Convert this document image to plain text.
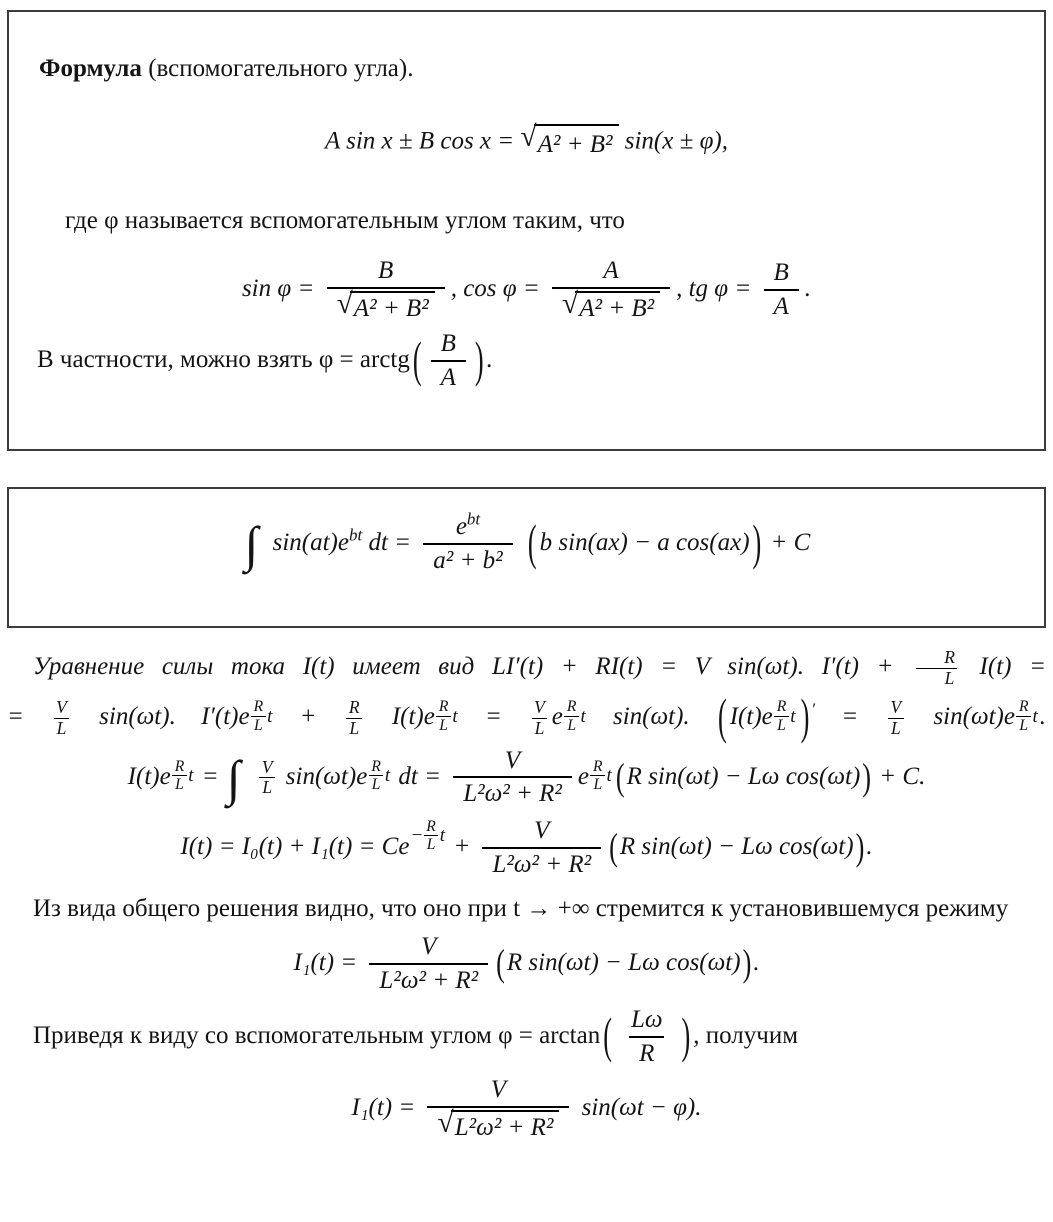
Формула (вспомогательного угла).
A sin x ± B cos x = √ A² + B² sin(x ± φ),
где φ называется вспомогательным углом таким, что
$\sin \varphi = \frac{B}{\text{√ A² + B²}}$ , $\cos \varphi = \frac{A}{\text{√ A² + B²}}$ , tg $\varphi = \frac{B}{A}$ .
В частности, можно взять φ = arctg ( $\frac{B}{A}$ ) .
∫ $\sin(at)e^{bt}$ dt = $\frac{e^{bt}}{\text{a² + b²}}$ ( b sin(ax) − a cos(ax) ) + C
Уравнение силы тока I(t) имеет вид LI′(t) + RI(t) = V sin(ωt). $I'(t) + \frac{R}{L} I(t)$ =
= $\frac{V}{L} \sin(\omega t)$. $I'(t)e \frac{R}{L}$ $t + \frac{R}{L} I(t)e \frac{R}{L}$ $t = \frac{V}{L}$ e $\frac{R}{L}$ t sin(ωt). ( $I(t)e \frac{R}{L}$ t ) $' = \frac{V}{L} \sin(\omega t)e \frac{R}{L}$ t .
$I(t)e \frac{R}{L}$ t = ∫ $\frac{V}{L} \sin(\omega t)e \frac{R}{L}$ t dt = $\frac{V}{\text{L²ω² + R²}}$ e $\frac{R}{L}$ t (R sin(ωt) − Lω cos(ωt)) + C.
$I(t) = I_0(t) + I_1(t) = Ce - \frac{R}{L}$ $t + \frac{V}{\text{L²ω² + R²}} (R$ sin(ωt) − Lω cos(ωt)).
Из вида общего решения видно, что оно при t → +∞ стремится к установившемуся режиму
$I_1(t) = \frac{V}{\text{L²ω² + R²}} (R$ sin(ωt) − Lω cos(ωt)).
Приведя к виду со вспомогательным углом φ = arctan ( $\frac{L\omega}{R}$ ) , получим
$I_1(t) = \frac{V}{\text{√ L²ω² + R²}} \sin(\omega t - \varphi)$.
